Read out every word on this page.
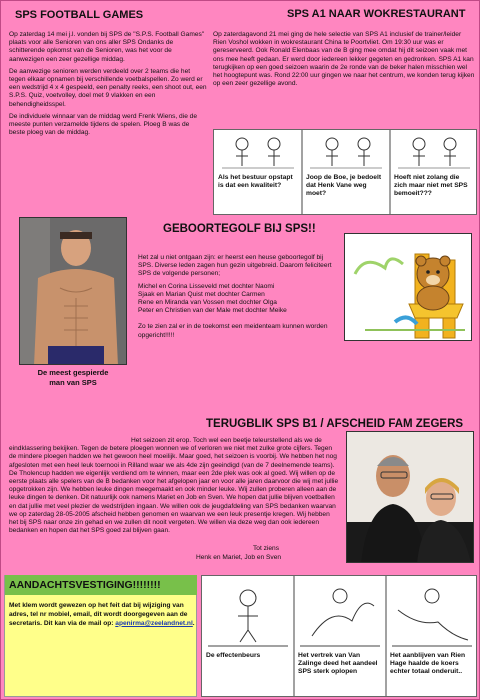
SPS FOOTBALL GAMES

Op zaterdag 14 mei j.l. vonden bij SPS de "S.P.S. Football Games" plaats voor alle Senioren van ons aller SPS Ondanks de schitterende opkomst van de Senioren, was het voor de aanwezigen een zeer gezellige middag.

De aanwezige senioren werden verdeeld over 2 teams die het tegen elkaar opnamen bij verschillende voetbalspellen. Zo werd er een wedstrijd 4 x 4 gespeeld, een penalty reeks, een shoot out, een S.P.S. Quiz, voetvolley, doel met 9 vlakken en een behendigheidsspel.

De individuele winnaar van de middag werd Frenk Wiens, die de meeste punten verzamelde tijdens de spelen. Ploeg B was de beste ploeg van de middag.

SPS A1 NAAR WOKRESTAURANT
Op zaterdagavond 21 mei ging de hele selectie van SPS A1 inclusief de trainer/leider Rien Voshol wokken in wokrestaurant China te Poortvliet. Om 19:30 uur was er gereserveerd. Ook Ronald Elenbaas van de B ging mee omdat hij dit seizoen vaak met ons mee heeft gedaan. Er werd door iedereen lekker gegeten en gedronken. SPS A1 kan terugkijken op een goed seizoen waarin de 2e ronde van de beker halen misschien wel het hoogtepunt was. Rond 22:00 uur gingen we naar het centrum, we konden terug kijken op een zeer gezellige avond.
Als het bestuur opstapt is dat een kwaliteit?
Joop de Boe, je bedoelt dat Henk Vane weg moet?
Hoeft niet zolang die zich maar niet met SPS bemoeit???
De meest gespierde
man van SPS
GEBOORTEGOLF BIJ SPS!!

Het zal u niet ontgaan zijn: er heerst een heuse geboortegolf bij SPS. Diverse leden zagen hun gezin uitgebreid. Daarom feliciteert SPS de volgende personen;

Michel en Corina Lisseveld met dochter Naomi
Sjaak en Marian Quist met dochter Carmen
Rene en Miranda van Vossen met dochter Olga
Peter en Christien van der Male met dochter Meike

Zo te zien zal er in de toekomst een meidenteam kunnen worden opgericht!!!!!

TERUGBLIK SPS B1 / AFSCHEID FAM ZEGERS
Het seizoen zit erop. Toch wel een beetje teleurstellend als we de eindklassering bekijken. Tegen de betere ploegen wonnen we of verloren we niet met zulke grote cijfers. Tegen de mindere ploegen hadden we het gewoon heel moeilijk. Maar goed, het seizoen is voorbij. We hebben het nog afgesloten met een heel leuk toernooi in Rilland waar we als 4de zijn geeindigd (van de 7 deelnemende teams). De Tholencup hadden we eigenlijk verdiend om te winnen, maar een 2de plek was ook al goed. Wij willen op de eerste plaats alle spelers van de B bedanken voor het afgelopen jaar en voor alle jaren daarvoor die wij met jullie opgetrokken zijn. We hebben leuke dingen meegemaakt en ook minder leuke. Wij zullen proberen alleen aan de leuke dingen te denken. Dit natuurlijk ook namens Mariet en Job en Sven. We hopen dat jullie blijven voetballen en dat jullie met veel plezier de wedstrijden ingaan. We willen ook de jeugdafdeling van SPS bedanken waarvan we op zaterdag 28-05-2005 afscheid hebben genomen en waarvan we een leuk presentje kregen. Wij hebben het bij SPS naar onze zin gehad en we zullen dit nooit vergeten. We willen via deze weg dan ook iedereen bedanken en hopen dat het SPS goed zal blijven gaan.
Tot ziens
Henk en Mariet, Job en Sven
AANDACHTSVESTIGING!!!!!!!!
Met klem wordt gewezen op het feit dat bij wijziging van adres, tel nr mobiel, email, dit wordt doorgegeven aan de secretaris. Dit kan via de mail op: apenirma@zeelandnet.nl.
De effectenbeurs	Het vertrek van Van Zalinge deed het aandeel SPS sterk oplopen
Het aanblijven van Rien Hage haalde de koers echter totaal onderuit..
